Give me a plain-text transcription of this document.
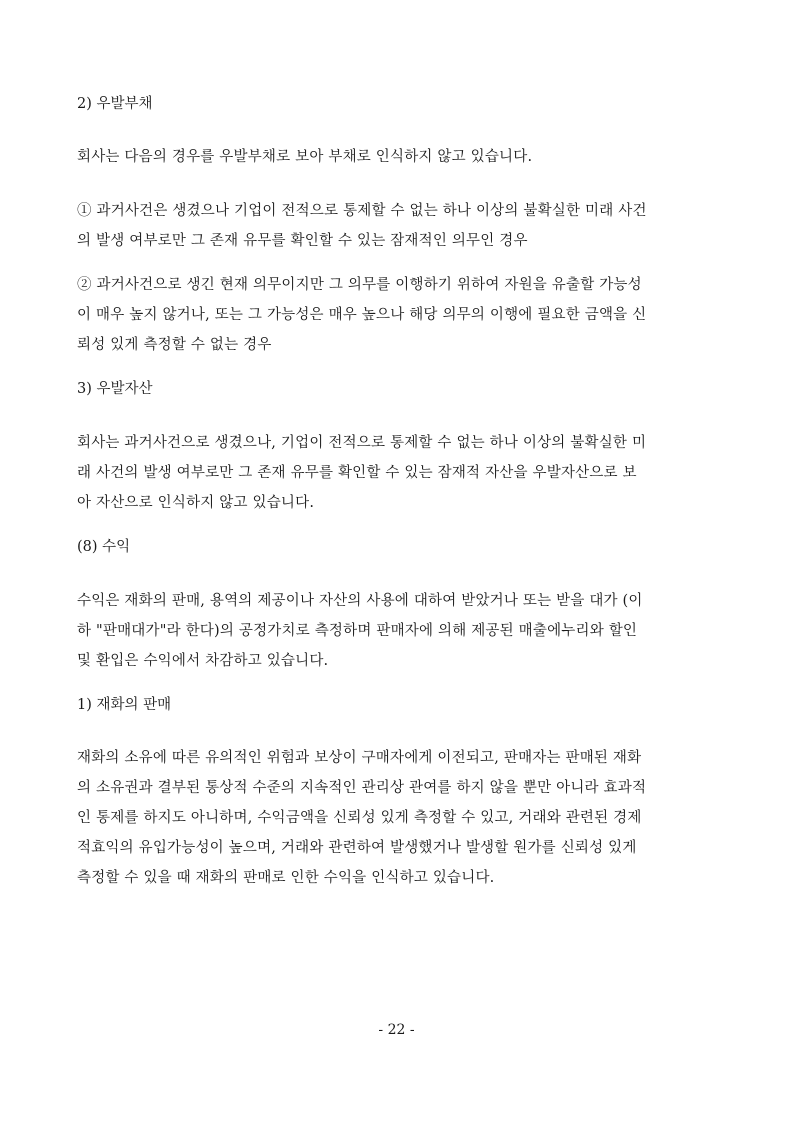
2) 우발부채
회사는 다음의 경우를 우발부채로 보아 부채로 인식하지 않고 있습니다.
① 과거사건은 생겼으나 기업이 전적으로 통제할 수 없는 하나 이상의 불확실한 미래 사건
의 발생 여부로만 그 존재 유무를 확인할 수 있는 잠재적인 의무인 경우
② 과거사건으로 생긴 현재 의무이지만 그 의무를 이행하기 위하여 자원을 유출할 가능성
이 매우 높지 않거나, 또는 그 가능성은 매우 높으나 해당 의무의 이행에 필요한 금액을 신
뢰성 있게 측정할 수 없는 경우
3) 우발자산
회사는 과거사건으로 생겼으나, 기업이 전적으로 통제할 수 없는 하나 이상의 불확실한 미
래 사건의 발생 여부로만 그 존재 유무를 확인할 수 있는 잠재적 자산을 우발자산으로 보
아 자산으로 인식하지 않고 있습니다.
(8) 수익
수익은 재화의 판매, 용역의 제공이나 자산의 사용에 대하여 받았거나 또는 받을 대가 (이
하 "판매대가"라 한다)의 공정가치로 측정하며 판매자에 의해 제공된 매출에누리와 할인
및 환입은 수익에서 차감하고 있습니다.
1) 재화의 판매
재화의 소유에 따른 유의적인 위험과 보상이 구매자에게 이전되고, 판매자는 판매된 재화
의 소유권과 결부된 통상적 수준의 지속적인 관리상 관여를 하지 않을 뿐만 아니라 효과적
인 통제를 하지도 아니하며, 수익금액을 신뢰성 있게 측정할 수 있고, 거래와 관련된 경제
적효익의 유입가능성이 높으며, 거래와 관련하여 발생했거나 발생할 원가를 신뢰성 있게
측정할 수 있을 때 재화의 판매로 인한 수익을 인식하고 있습니다.
- 22 -
